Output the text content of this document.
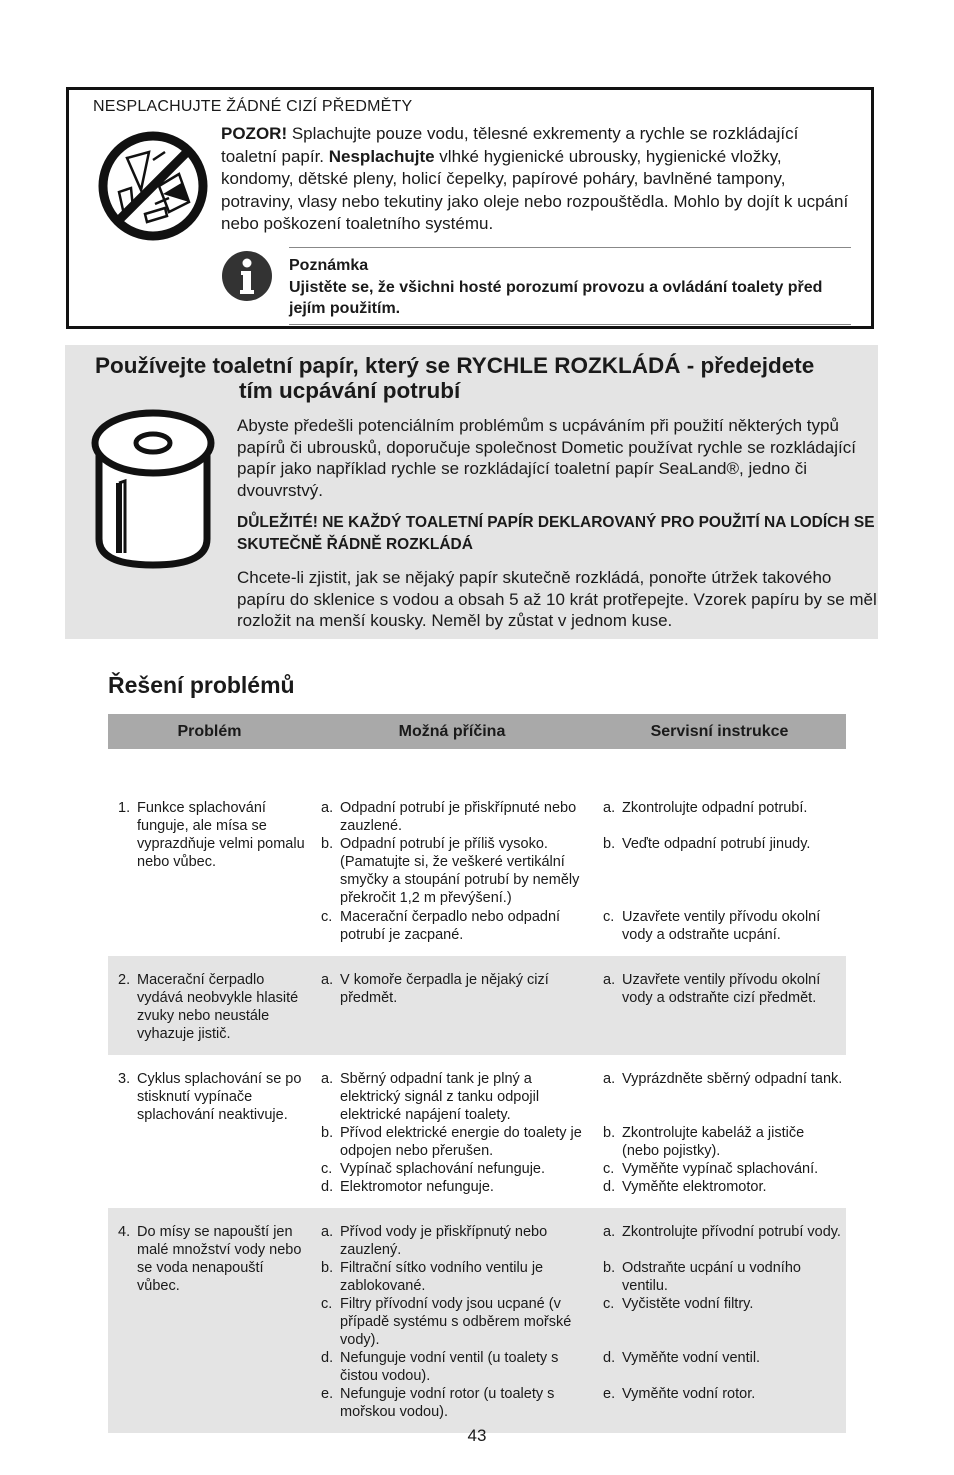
NESPLACHUJTE ŽÁDNÉ CIZÍ PŘEDMĚTY
POZOR! Splachujte pouze vodu, tělesné exkrementy a rychle se rozkládající toaletní papír. Nesplachujte vlhké hygienické ubrousky, hygienické vložky, kondomy, dětské pleny, holicí čepelky, papírové poháry, bavlněné tampony, potraviny, vlasy nebo tekutiny jako oleje nebo rozpouštědla. Mohlo by dojít k ucpání nebo poškození toaletního systému.
Poznámka
Ujistěte se, že všichni hosté porozumí provozu a ovládání toalety před jejím použitím.
Používejte toaletní papír, který se RYCHLE ROZKLÁDÁ - předejdete
tím ucpávání potrubí

Abyste předešli potenciálním problémům s ucpáváním při použití některých typů papírů či ubrousků, doporučuje společnost Dometic používat rychle se rozkládající papír jako například rychle se rozkládající toaletní papír SeaLand®, jedno či dvouvrstvý.

DŮLEŽITÉ! NE KAŽDÝ TOALETNÍ PAPÍR DEKLAROVANÝ PRO POUŽITÍ NA LODÍCH SE SKUTEČNĚ ŘÁDNĚ ROZKLÁDÁ

Chcete-li zjistit, jak se nějaký papír skutečně rozkládá, ponořte útržek takového papíru do sklenice s vodou a obsah 5 až 10 krát protřepejte. Vzorek papíru by se měl rozložit na menší kousky. Neměl by zůstat v jednom kuse.

Řešení problémů
Problém	Možná příčina	Servisní instrukce
1. Funkce splachování funguje, ale mísa se vyprazdňuje velmi pomalu nebo vůbec.
a. Odpadní potrubí je přiskřípnuté nebo zauzlené.
b. Odpadní potrubí je příliš vysoko. (Pamatujte si, že veškeré vertikální smyčky a stoupání potrubí by neměly překročit 1,2 m převýšení.)
c. Macerační čerpadlo nebo odpadní potrubí je zacpané.
a. Zkontrolujte odpadní potrubí.
b. Veďte odpadní potrubí jinudy.
c. Uzavřete ventily přívodu okolní vody a odstraňte ucpání.
2. Macerační čerpadlo vydává neobvykle hlasité zvuky nebo neustále vyhazuje jistič.
a. V komoře čerpadla je nějaký cizí předmět.
a. Uzavřete ventily přívodu okolní vody a odstraňte cizí předmět.
3. Cyklus splachování se po stisknutí vypínače splachování neaktivuje.
a. Sběrný odpadní tank je plný a elektrický signál z tanku odpojil elektrické napájení toalety.
b. Přívod elektrické energie do toalety je odpojen nebo přerušen.
c. Vypínač splachování nefunguje.
d. Elektromotor nefunguje.
a. Vyprázdněte sběrný odpadní tank.
b. Zkontrolujte kabeláž a jističe (nebo pojistky).
c. Vyměňte vypínač splachování.
d. Vyměňte elektromotor.
4. Do mísy se napouští jen malé množství vody nebo se voda nenapouští vůbec.
a. Přívod vody je přiskřípnutý nebo zauzlený.
b. Filtrační sítko vodního ventilu je zablokované.
c. Filtry přívodní vody jsou ucpané (v případě systému s odběrem mořské vody).
d. Nefunguje vodní ventil (u toalety s čistou vodou).
e. Nefunguje vodní rotor (u toalety s mořskou vodou).
a. Zkontrolujte přívodní potrubí vody.
b. Odstraňte ucpání u vodního ventilu.
c. Vyčistěte vodní filtry.
d. Vyměňte vodní ventil.
e. Vyměňte vodní rotor.
43
